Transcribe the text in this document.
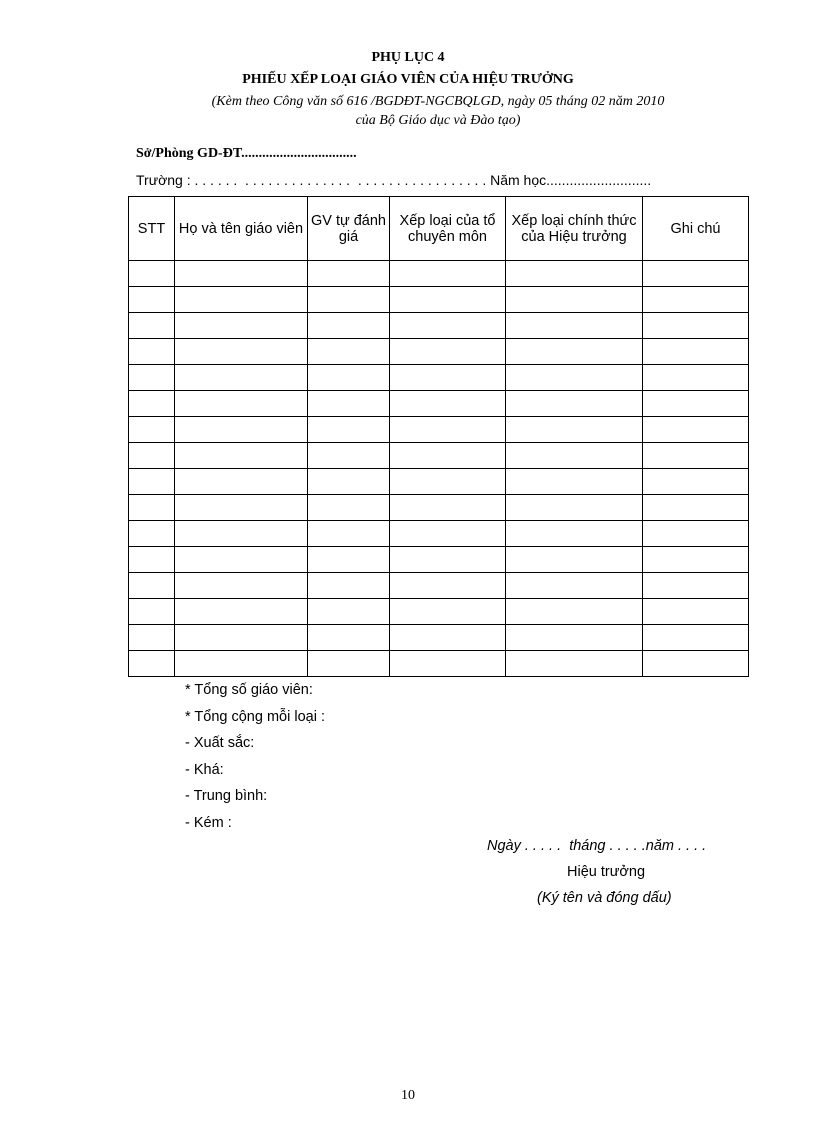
PHỤ LỤC 4
PHIẾU XẾP LOẠI GIÁO VIÊN CỦA HIỆU TRƯỞNG
(Kèm theo Công văn số 616 /BGDĐT-NGCBQLGD, ngày 05 tháng 02 năm 2010
của Bộ Giáo dục và Đào tạo)
Sở/Phòng GD-ĐT.................................
Trường : . . . . . .  . . . . . . . . . . . . . .  . . . . . . . . . . . . . . . . . Năm học...........................
STT	Họ và tên giáo viên	GV tự đánh giá	Xếp loại của tổ chuyên môn	Xếp loại chính thức của Hiệu trưởng	Ghi chú

* Tổng số giáo viên:
* Tổng cộng mỗi loại :
- Xuất sắc:
- Khá:
- Trung bình:
- Kém :
Ngày . . . . .  tháng . . . . .năm . . . .
Hiệu trưởng
(Ký tên và đóng dấu)
10
